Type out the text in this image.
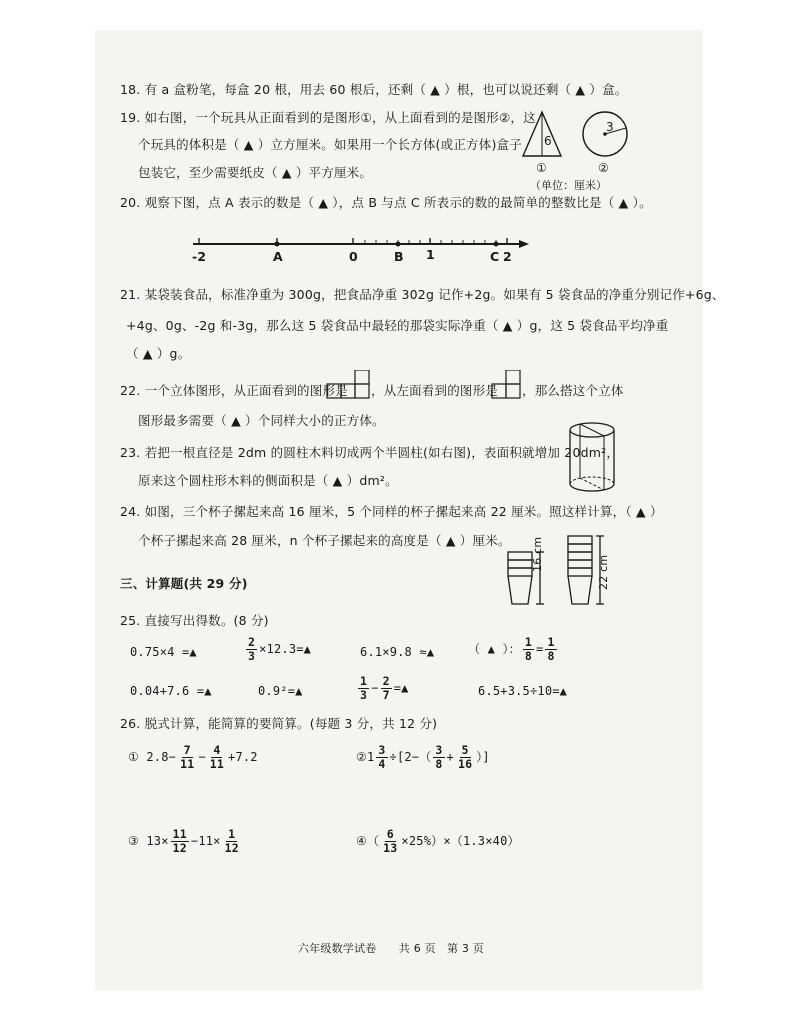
18. 有 a 盒粉笔，每盒 20 根，用去 60 根后，还剩（ ▲ ）根，也可以说还剩（ ▲ ）盒。
19. 如右图，一个玩具从正面看到的是图形①，从上面看到的是图形②，这
个玩具的体积是（ ▲ ）立方厘米。如果用一个长方体(或正方体)盒子
包装它，至少需要纸皮（ ▲ ）平方厘米。
6
3
①	②
（单位：厘米）
20. 观察下图，点 A 表示的数是（ ▲ ），点 B 与点 C 所表示的数的最简单的整数比是（ ▲ ）。
-2	A	0	B 1	C 2
21. 某袋装食品，标准净重为 300g，把食品净重 302g 记作+2g。如果有 5 袋食品的净重分别记作+6g、
+4g、0g、-2g 和-3g，那么这 5 袋食品中最轻的那袋实际净重（ ▲ ）g，这 5 袋食品平均净重
（ ▲ ）g。
22. 一个立体图形，从正面看到的图形是 ，从左面看到的图形是 ，那么搭这个立体
图形最多需要（ ▲ ）个同样大小的正方体。
23. 若把一根直径是 2dm 的圆柱木料切成两个半圆柱(如右图)，表面积就增加 20dm²，
原来这个圆柱形木料的侧面积是（ ▲ ）dm²。
24. 如图，三个杯子摞起来高 16 厘米，5 个同样的杯子摞起来高 22 厘米。照这样计算，（ ▲ ）
个杯子摞起来高 28 厘米，n 个杯子摞起来的高度是（ ▲ ）厘米。 16 cm
22 cm
三、计算题(共 29 分)
25. 直接写出得数。(8 分)
0.75×4 =▲	$\frac{2}{3}$ ×12.3=▲	6.1×9.8 ≈▲	（ ▲ ）： $\frac{1}{8} = \frac{1}{8}$
0.04+7.6 =▲	0.9²=▲	$\frac{1}{3} - \frac{2}{7}$ =▲	6.5+3.5÷10=▲
26. 脱式计算，能简算的要简算。(每题 3 分，共 12 分)
① $2.8- \frac{7}{11} - \frac{4}{11} +7.2$	②1 $\frac{3}{4} \div[2-( \frac{3}{8} + \frac{5}{16}$ ）]
③ $13\times \frac{11}{12} -11\times \frac{1}{12}$	④（ $\frac{6}{13} \times 25\%)\times(1.3\times 40)$
六年级数学试卷　　共 6 页　第 3 页
